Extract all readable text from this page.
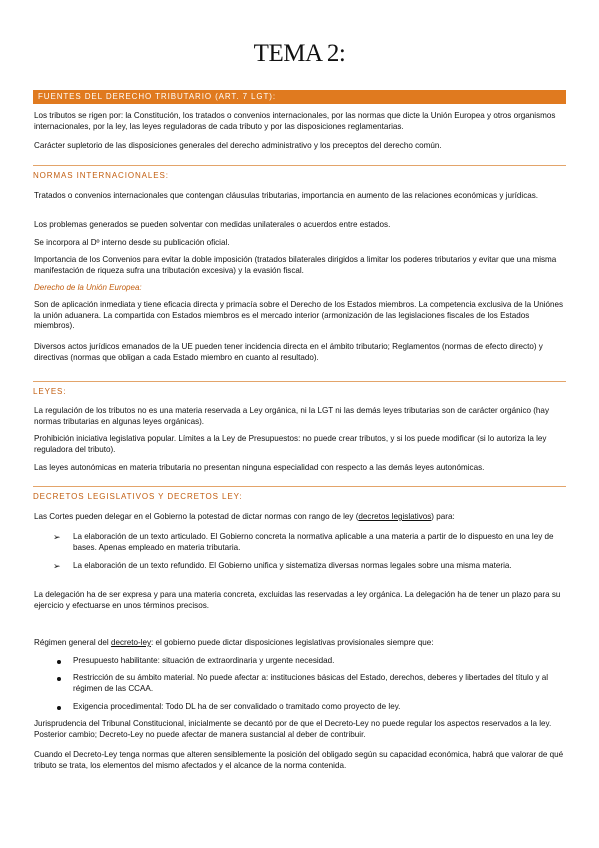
TEMA 2:
FUENTES DEL DERECHO TRIBUTARIO (ART. 7 LGT):
Los tributos se rigen por: la Constitución, los tratados o convenios internacionales, por las normas que dicte la Unión Europea y otros organismos internacionales, por la ley, las leyes reguladoras de cada tributo y por las disposiciones reglamentarias.
Carácter supletorio de las disposiciones generales del derecho administrativo y los preceptos del derecho común.
NORMAS INTERNACIONALES:
Tratados o convenios internacionales que contengan cláusulas tributarias, importancia en aumento de las relaciones económicas y jurídicas.
Los problemas generados se pueden solventar con medidas unilaterales o acuerdos entre estados.
Se incorpora al Dº interno desde su publicación oficial.
Importancia de los Convenios para evitar la doble imposición (tratados bilaterales dirigidos a limitar los poderes tributarios y evitar que una misma manifestación de riqueza sufra una tributación excesiva) y la evasión fiscal.
Derecho de la Unión Europea:
Son de aplicación inmediata y tiene eficacia directa y primacía sobre el Derecho de los Estados miembros. La competencia exclusiva de la Uniónes la unión aduanera. La compartida con Estados miembros es el mercado interior (armonización de las legislaciones fiscales de los Estados miembros).
Diversos actos jurídicos emanados de la UE pueden tener incidencia directa en el ámbito tributario; Reglamentos (normas de efecto directo) y directivas (normas que obligan a cada Estado miembro en cuanto al resultado).
LEYES:
La regulación de los tributos no es una materia reservada a Ley orgánica, ni la LGT ni las demás leyes tributarias son de carácter orgánico (hay normas tributarias en algunas leyes orgánicas).
Prohibición iniciativa legislativa popular. Límites a la Ley de Presupuestos: no puede crear tributos, y si los puede modificar (si lo autoriza la ley reguladora del tributo).
Las leyes autonómicas en materia tributaria no presentan ninguna especialidad con respecto a las demás leyes autonómicas.
DECRETOS LEGISLATIVOS Y DECRETOS LEY:
Las Cortes pueden delegar en el Gobierno la potestad de dictar normas con rango de ley (decretos legislativos) para:
➢ La elaboración de un texto articulado. El Gobierno concreta la normativa aplicable a una materia a partir de lo dispuesto en una ley de bases. Apenas empleado en materia tributaria.
➢ La elaboración de un texto refundido. El Gobierno unifica y sistematiza diversas normas legales sobre una misma materia.
La delegación ha de ser expresa y para una materia concreta, excluidas las reservadas a ley orgánica. La delegación ha de tener un plazo para su ejercicio y efectuarse en unos términos precisos.
Régimen general del decreto-ley: el gobierno puede dictar disposiciones legislativas provisionales siempre que:
Presupuesto habilitante: situación de extraordinaria y urgente necesidad.
Restricción de su ámbito material. No puede afectar a: instituciones básicas del Estado, derechos, deberes y libertades del título y al régimen de las CCAA.
Exigencia procedimental: Todo DL ha de ser convalidado o tramitado como proyecto de ley.
Jurisprudencia del Tribunal Constitucional, inicialmente se decantó por de que el Decreto-Ley no puede regular los aspectos reservados a la ley. Posterior cambio; Decreto-Ley no puede afectar de manera sustancial al deber de contribuir.
Cuando el Decreto-Ley tenga normas que alteren sensiblemente la posición del obligado según su capacidad económica, habrá que valorar de qué tributo se trata, los elementos del mismo afectados y el alcance de la norma contenida.
